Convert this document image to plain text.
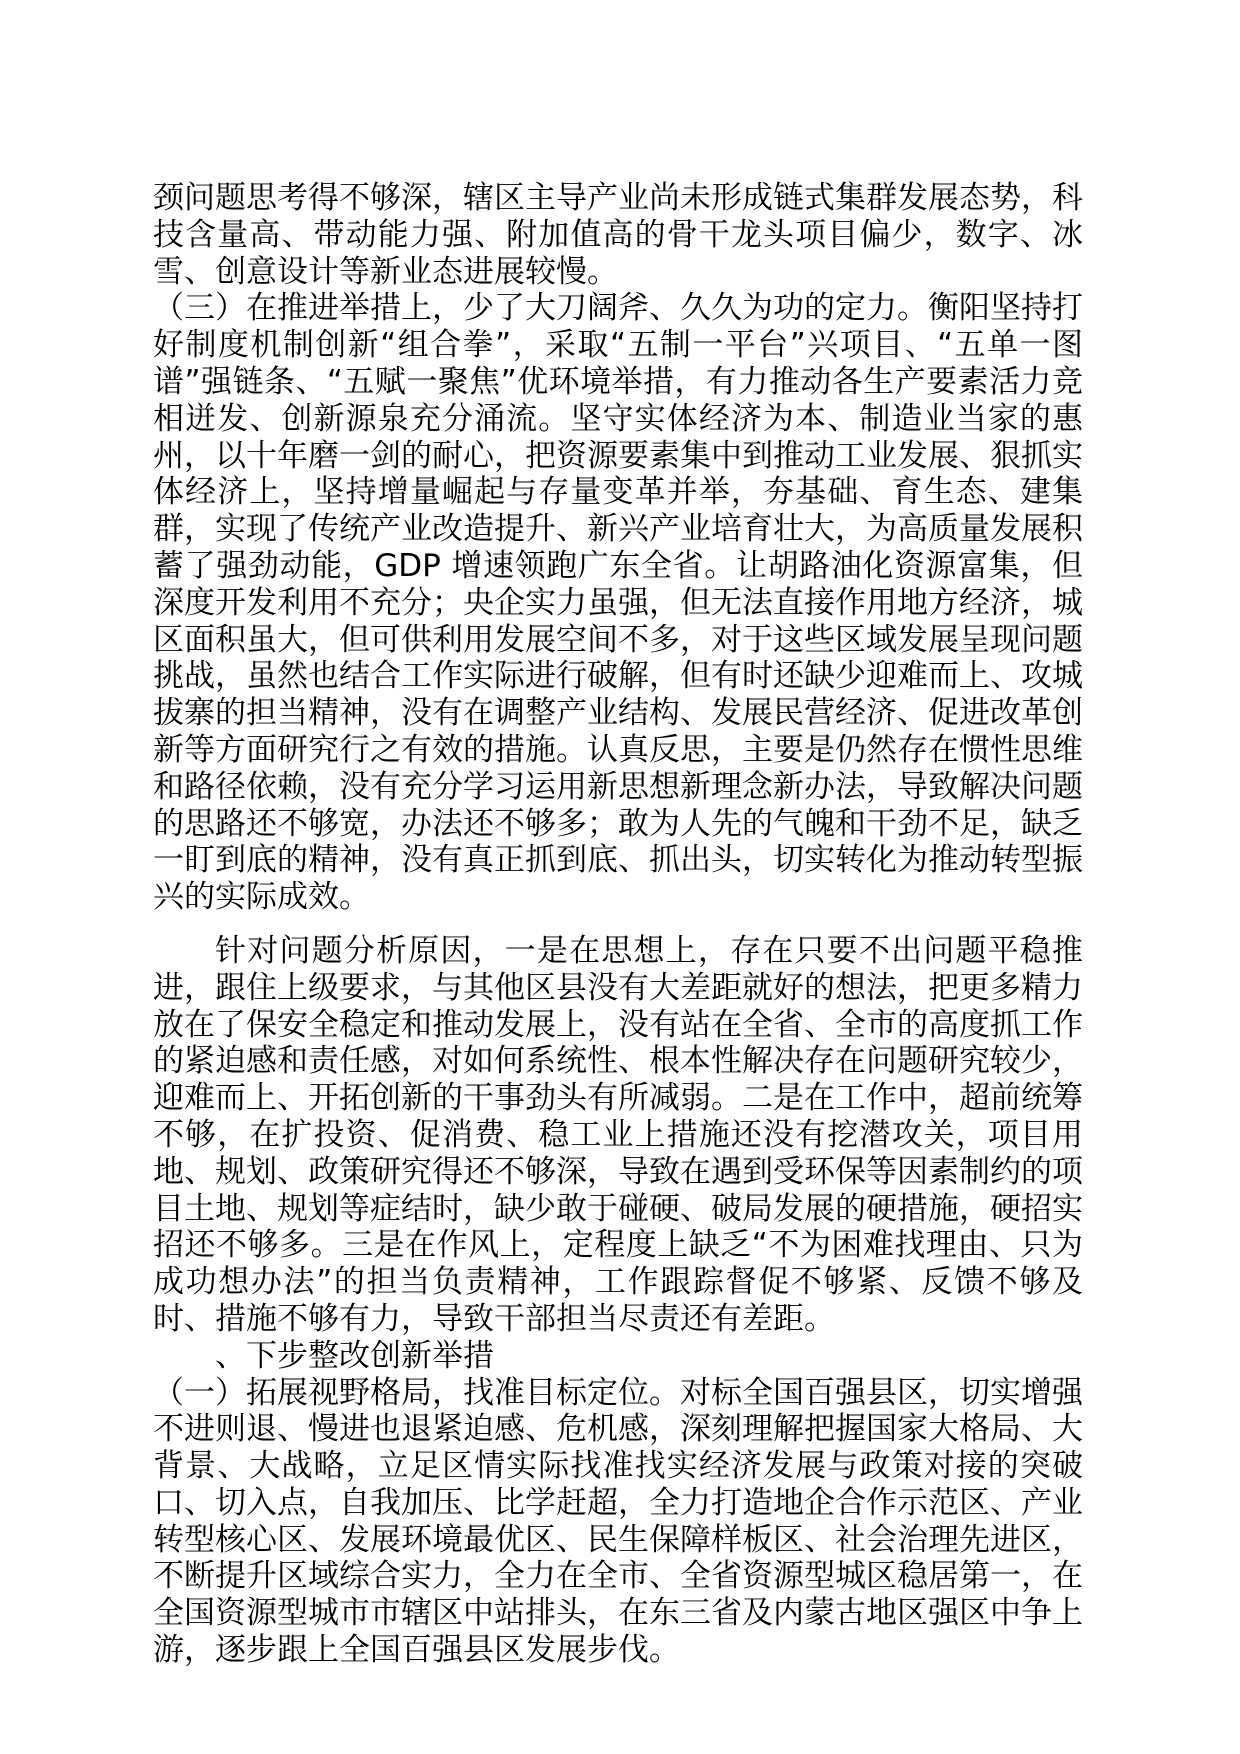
颈问题思考得不够深，辖区主导产业尚未形成链式集群发展态势，科技含量高、带动能力强、附加值高的骨干龙头项目偏少，数字、冰雪、创意设计等新业态进展较慢。

（三）在推进举措上，少了大刀阔斧、久久为功的定力。衡阳坚持打好制度机制创新“组合拳”，采取“五制一平台”兴项目、“五单一图谱”强链条、“五赋一聚焦”优环境举措，有力推动各生产要素活力竞相迸发、创新源泉充分涌流。坚守实体经济为本、制造业当家的惠州，以十年磨一剑的耐心，把资源要素集中到推动工业发展、狠抓实体经济上，坚持增量崛起与存量变革并举，夯基础、育生态、建集群，实现了传统产业改造提升、新兴产业培育壮大，为高质量发展积蓄了强劲动能，GDP 增速领跑广东全省。让胡路油化资源富集，但深度开发利用不充分；央企实力虽强，但无法直接作用地方经济，城区面积虽大，但可供利用发展空间不多，对于这些区域发展呈现问题挑战，虽然也结合工作实际进行破解，但有时还缺少迎难而上、攻城拔寨的担当精神，没有在调整产业结构、发展民营经济、促进改革创新等方面研究行之有效的措施。认真反思，主要是仍然存在惯性思维和路径依赖，没有充分学习运用新思想新理念新办法，导致解决问题的思路还不够宽，办法还不够多；敢为人先的气魄和干劲不足，缺乏一盯到底的精神，没有真正抓到底、抓出头，切实转化为推动转型振兴的实际成效。

针对问题分析原因，一是在思想上，存在只要不出问题平稳推进，跟住上级要求，与其他区县没有大差距就好的想法，把更多精力放在了保安全稳定和推动发展上，没有站在全省、全市的高度抓工作的紧迫感和责任感，对如何系统性、根本性解决存在问题研究较少，迎难而上、开拓创新的干事劲头有所减弱。二是在工作中，超前统筹不够，在扩投资、促消费、稳工业上措施还没有挖潜攻关，项目用地、规划、政策研究得还不够深，导致在遇到受环保等因素制约的项目土地、规划等症结时，缺少敢于碰硬、破局发展的硬措施，硬招实招还不够多。三是在作风上，定程度上缺乏“不为困难找理由、只为成功想办法”的担当负责精神，工作跟踪督促不够紧、反馈不够及时、措施不够有力，导致干部担当尽责还有差距。

、下步整改创新举措

（一）拓展视野格局，找准目标定位。对标全国百强县区，切实增强不进则退、慢进也退紧迫感、危机感，深刻理解把握国家大格局、大背景、大战略，立足区情实际找准找实经济发展与政策对接的突破口、切入点，自我加压、比学赶超，全力打造地企合作示范区、产业转型核心区、发展环境最优区、民生保障样板区、社会治理先进区，不断提升区域综合实力，全力在全市、全省资源型城区稳居第一，在全国资源型城市市辖区中站排头，在东三省及内蒙古地区强区中争上游，逐步跟上全国百强县区发展步伐。
